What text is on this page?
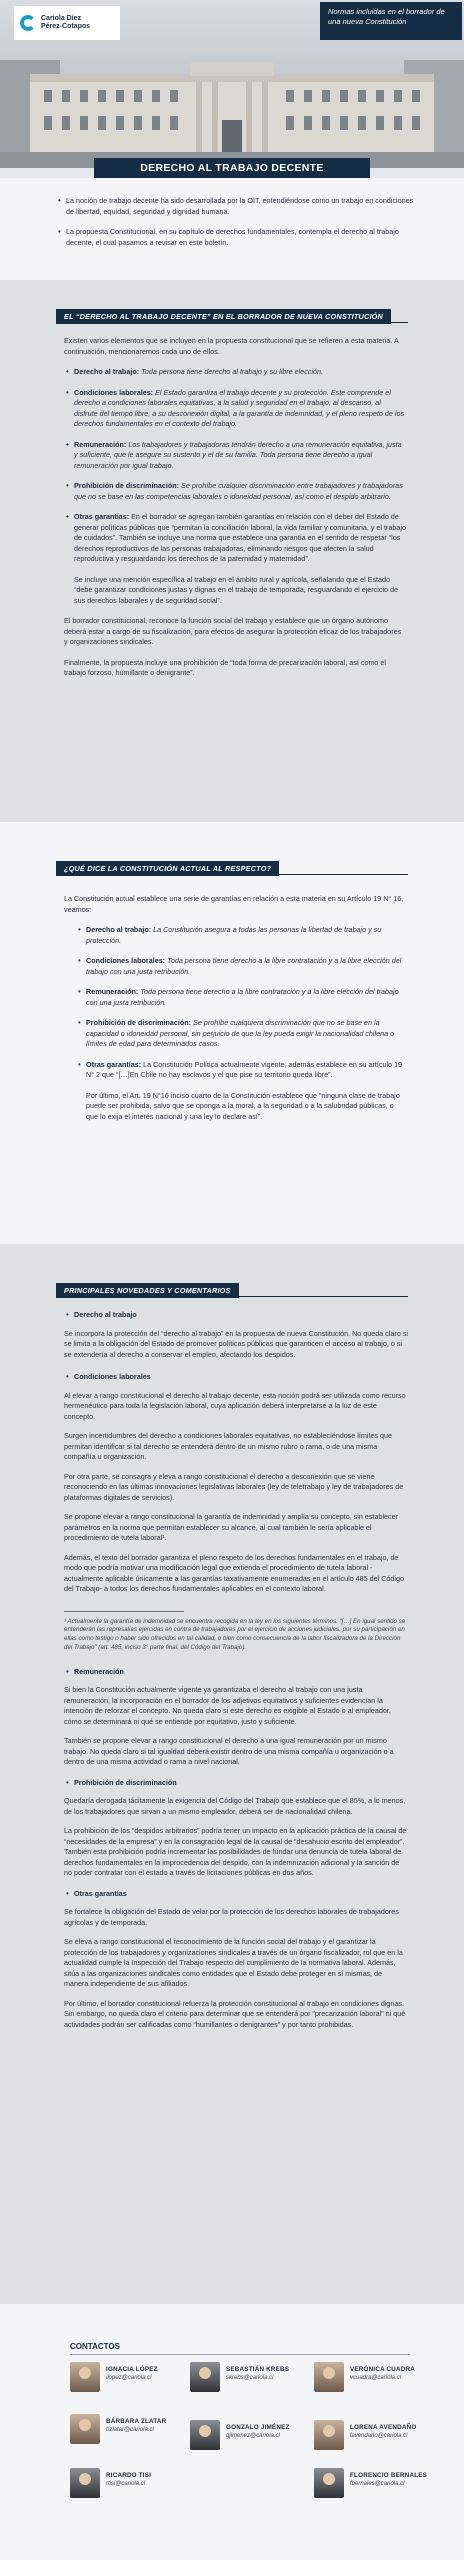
Cariola Díez
Pérez-Cotapos
Normas incluidas en el borrador de una nueva Constitución
DERECHO AL TRABAJO DECENTE

• La noción de trabajo decente ha sido desarrollada por la OIT, entendiéndose como un trabajo en condiciones de libertad, equidad, seguridad y dignidad humana.

• La propuesta Constitucional, en su capítulo de derechos fundamentales, contempla el derecho al trabajo decente, el cual pasamos a revisar en este boletín.

EL “DERECHO AL TRABAJO DECENTE” EN EL BORRADOR DE NUEVA CONSTITUCIÓN

Existen varios elementos que se incluyen en la propuesta constitucional que se refieren a esta materia. A continuación, mencionaremos cada uno de ellos.

• Derecho al trabajo: Toda persona tiene derecho al trabajo y su libre elección.

• Condiciones laborales: El Estado garantiza el trabajo decente y su protección. Este comprende el derecho a condiciones laborales equitativas, a la salud y seguridad en el trabajo, al descanso, al disfrute del tiempo libre, a su desconexión digital, a la garantía de indemnidad, y el pleno respeto de los derechos fundamentales en el contexto del trabajo.

• Remuneración: Los trabajadores y trabajadoras tendrán derecho a una remuneración equitativa, justa y suficiente, que le asegure su sustento y el de su familia. Toda persona tiene derecho a igual remuneración por igual trabajo.

• Prohibición de discriminación: Se prohíbe cualquier discriminación entre trabajadores y trabajadoras que no se base en las competencias laborales o idoneidad personal, así como el despido arbitrario.

• Otras garantías: En el borrador se agregan también garantías en relación con el deber del Estado de generar políticas públicas que “permitan la conciliación laboral, la vida familiar y comunitaria, y el trabajo de cuidados”. También se incluye una norma que establece una garantía en el sentido de respetar “los derechos reproductivos de las personas trabajadoras, eliminando riesgos que afecten la salud reproductiva y resguardando los derechos de la paternidad y maternidad”.

Se incluye una mención específica al trabajo en el ámbito rural y agrícola, señalando que el Estado “debe garantizar condiciones justas y dignas en el trabajo de temporada, resguardando el ejercicio de sus derechos laborales y de seguridad social”.

El borrador constitucional, reconoce la función social del trabajo y establece que un órgano autónomo deberá estar a cargo de su fiscalización, para efectos de asegurar la protección eficaz de los trabajadores y organizaciones sindicales.

Finalmente, la propuesta incluye una prohibición de “toda forma de precarización laboral, así como el trabajo forzoso, humillante o denigrante”.

¿QUÉ DICE LA CONSTITUCIÓN ACTUAL AL RESPECTO?

La Constitución actual establece una serie de garantías en relación a esta materia en su Artículo 19 N° 16, veamos:

• Derecho al trabajo: La Constitución asegura a todas las personas la libertad de trabajo y su protección.

• Condiciones laborales: Toda persona tiene derecho a la libre contratación y a la libre elección del trabajo con una justa retribución.

• Remuneración: Toda persona tiene derecho a la libre contratación y a la libre elección del trabajo con una justa retribución.

• Prohibición de discriminación: Se prohíbe cualquiera discriminación que no se base en la capacidad o idoneidad personal, sin perjuicio de que la ley pueda exigir la nacionalidad chilena o límites de edad para determinados casos.

• Otras garantías: La Constitución Política actualmente vigente, además establece en su artículo 19 N° 2 que “[…]En Chile no hay esclavos y el que pise su territorio queda libre”.

Por último, el Art. 19 N°16 inciso cuarto de la Constitución establece que “ninguna clase de trabajo puede ser prohibida, salvo que se oponga a la moral, a la seguridad o a la salubridad públicas, o que lo exija el interés nacional y una ley lo declare así”.

PRINCIPALES NOVEDADES Y COMENTARIOS

• Derecho al trabajo

Se incorpora la protección del “derecho al trabajo” en la propuesta de nueva Constitución. No queda claro si se limita a la obligación del Estado de promover políticas públicas que garanticen el acceso al trabajo, o si se extendería al derecho a conservar el empleo, afectando los despidos.

• Condiciones laborales

Al elevar a rango constitucional el derecho al trabajo decente, esta noción podrá ser utilizada como recurso hermenéutico para toda la legislación laboral, cuya aplicación deberá interpretarse a la luz de este concepto.

Surgen incertidumbres del derecho a condiciones laborales equitativas, no estableciéndose límites que permitan identificar si tal derecho se entenderá dentro de un mismo rubro o rama, o de una misma compañía u organización.

Por otra parte, se consagra y eleva a rango constitucional el derecho a desconexión que se viene reconociendo en las últimas innovaciones legislativas laborales (ley de teletrabajo y ley de trabajadores de plataformas digitales de servicios).

Se propone elevar a rango constitucional la garantía de indemnidad y amplía su concepto, sin establecer parámetros en la norma que permitan establecer su alcance, al cual también le sería aplicable el procedimiento de tutela laboral¹.

Además, el texto del borrador garantiza el pleno respeto de los derechos fundamentales en el trabajo, de modo que podría motivar una modificación legal que extienda el procedimiento de tutela laboral -actualmente aplicable únicamente a las garantías taxativamente enumeradas en el artículo 485 del Código del Trabajo- a todos los derechos fundamentales aplicables en el contexto laboral.

¹ Actualmente la garantía de indemnidad se encuentra recogida en la ley en los siguientes términos: “[…] En igual sentido se entenderán las represalias ejercidas en contra de trabajadores por el ejercicio de acciones judiciales, por su participación en ellas como testigo o haber sido ofrecidos en tal calidad, o bien como consecuencia de la labor fiscalizadora de la Dirección del Trabajo” (art. 485, inciso 3° parte final, del Código del Trabajo).

• Remuneración

Si bien la Constitución actualmente vigente ya garantizaba el derecho al trabajo con una justa remuneración, la incorporación en el borrador de los adjetivos equitativos y suficientes evidencian la intención de reforzar el concepto. No queda claro si este derecho es exigible al Estado o al empleador, cómo se determinará ni qué se entiende por equitativo, justo y suficiente.

También se propone elevar a rango constitucional el derecho a una igual remuneración por un mismo trabajo. No queda claro si tal igualdad deberá existir dentro de una misma compañía u organización o a dentro de una misma actividad o rama a nivel nacional.

• Prohibición de discriminación

Quedaría derogada tácitamente la exigencia del Código del Trabajo que establece que el 85%, a lo menos, de los trabajadores que sirvan a un mismo empleador, deberá ser de nacionalidad chilena.

La prohibición de los “despidos arbitrarios” podría tener un impacto en la aplicación práctica de la causal de “necesidades de la empresa” y en la consagración legal de la causal de “desahucio escrito del empleador”. También esta prohibición podría incrementar las posibilidades de fundar una denuncia de tutela laboral de derechos fundamentales en la improcedencia del despido, con la indemnización adicional y la sanción de no poder contratar con el estado a través de licitaciones públicas en dos años.

• Otras garantías

Se fortalece la obligación del Estado de velar por la protección de los derechos laborales de trabajadores agrícolas y de temporada.

Se eleva a rango constitucional el reconocimiento de la función social del trabajo y el garantizar la protección de los trabajadores y organizaciones sindicales a través de un órgano fiscalizador, rol que en la actualidad cumple la Inspección del Trabajo respecto del cumplimiento de la normativa laboral. Además, sitúa a las organizaciones sindicales como entidades que el Estado debe proteger en sí mismas, de manera independiente de sus afiliados.

Por último, el borrador constitucional refuerza la protección constitucional al trabajo en condiciones dignas. Sin embargo, no queda claro el criterio para determinar que se entenderá por “precarización laboral” ni qué actividades podrán ser calificadas como “humillantes o denigrantes” y por tanto prohibidas.

CONTACTOS
IGNACIA LÓPEZ
ilopez@cariola.cl
SEBASTIÁN KREBS
skrebs@cariola.cl
VERÓNICA CUADRA
vcuadra@cariola.cl
BÁRBARA ZLATAR
bzlatar@cariola.cl	GONZALO JIMÉNEZ
gjimenez@cariola.cl
LORENA AVENDAÑO
lavendano@cariola.cl
RICARDO TISI
rtisi@cariola.cl
FLORENCIO BERNALES
fbernales@cariola.cl
